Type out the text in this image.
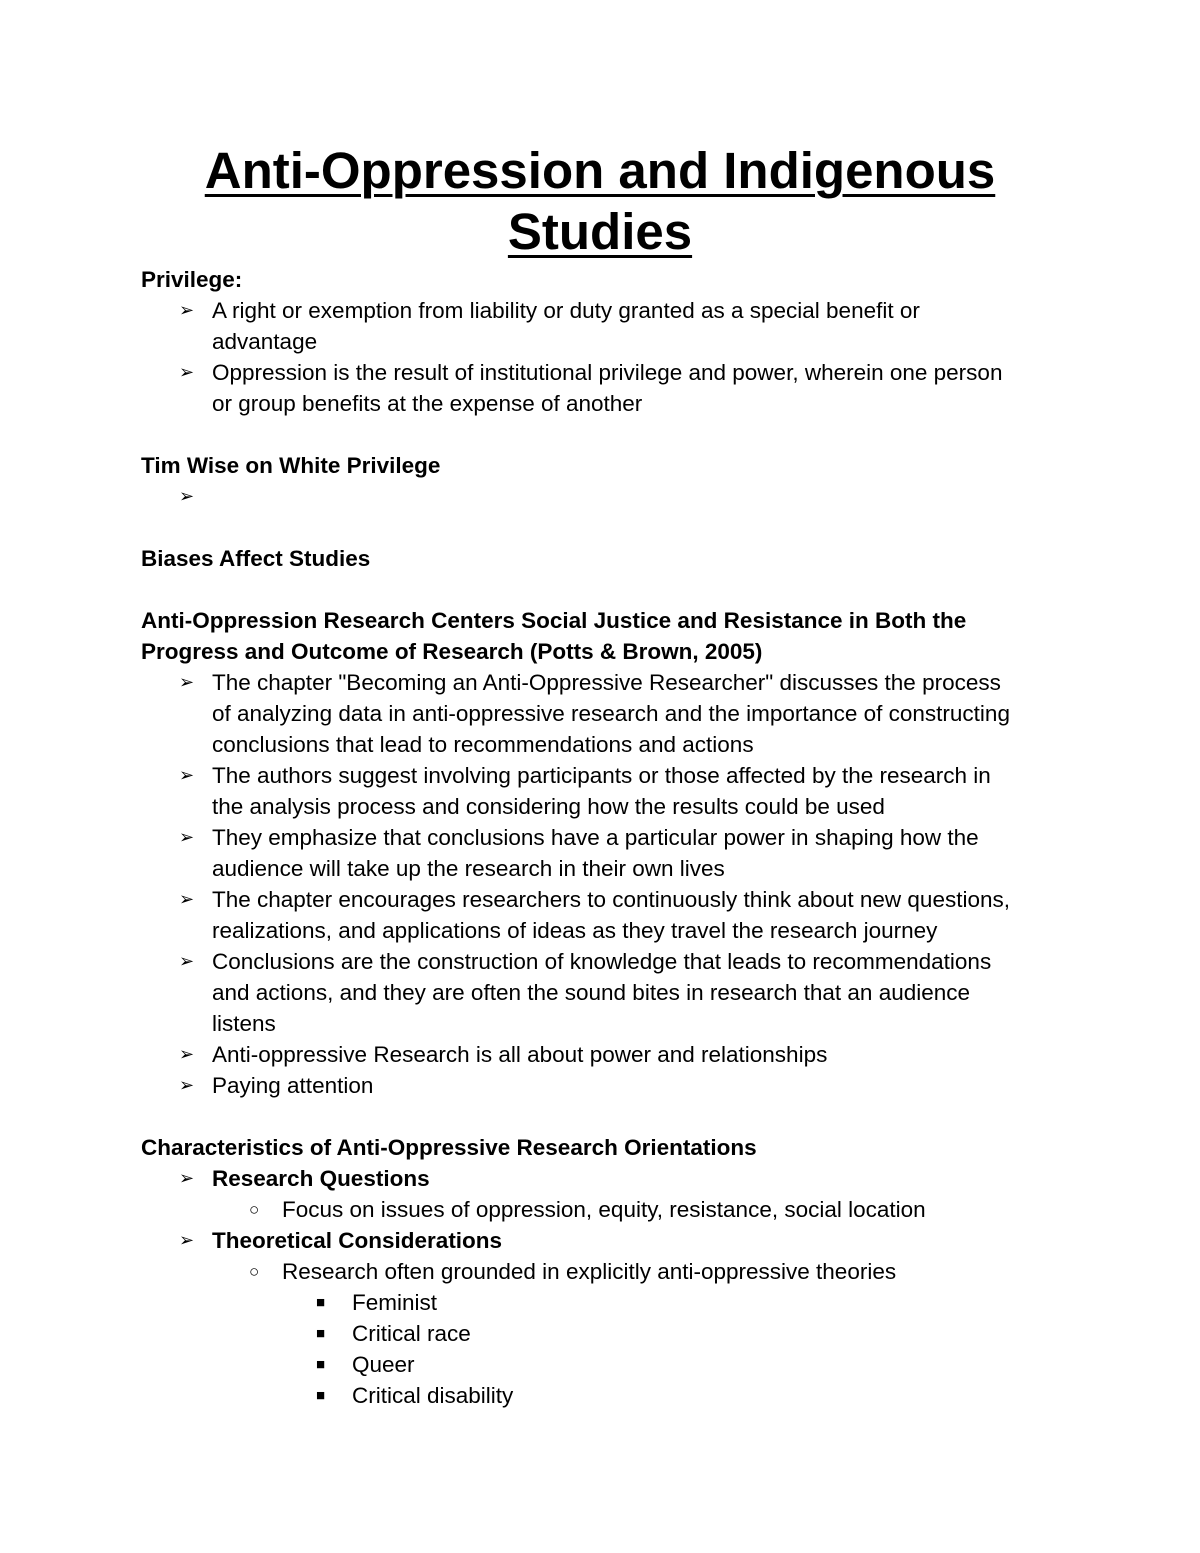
Anti-Oppression and Indigenous
Studies
Privilege:
➢ A right or exemption from liability or duty granted as a special benefit or
advantage
➢ Oppression is the result of institutional privilege and power, wherein one person
or group benefits at the expense of another
Tim Wise on White Privilege
➢
Biases Affect Studies
Anti-Oppression Research Centers Social Justice and Resistance in Both the
Progress and Outcome of Research (Potts & Brown, 2005)
➢ The chapter "Becoming an Anti-Oppressive Researcher" discusses the process
of analyzing data in anti-oppressive research and the importance of constructing
conclusions that lead to recommendations and actions
➢ The authors suggest involving participants or those affected by the research in
the analysis process and considering how the results could be used
➢ They emphasize that conclusions have a particular power in shaping how the
audience will take up the research in their own lives
➢ The chapter encourages researchers to continuously think about new questions,
realizations, and applications of ideas as they travel the research journey
➢ Conclusions are the construction of knowledge that leads to recommendations
and actions, and they are often the sound bites in research that an audience
listens
➢ Anti-oppressive Research is all about power and relationships
➢ Paying attention
Characteristics of Anti-Oppressive Research Orientations
➢ Research Questions
○ Focus on issues of oppression, equity, resistance, social location
➢ Theoretical Considerations
○ Research often grounded in explicitly anti-oppressive theories
■ Feminist
■ Critical race
■ Queer
■ Critical disability
